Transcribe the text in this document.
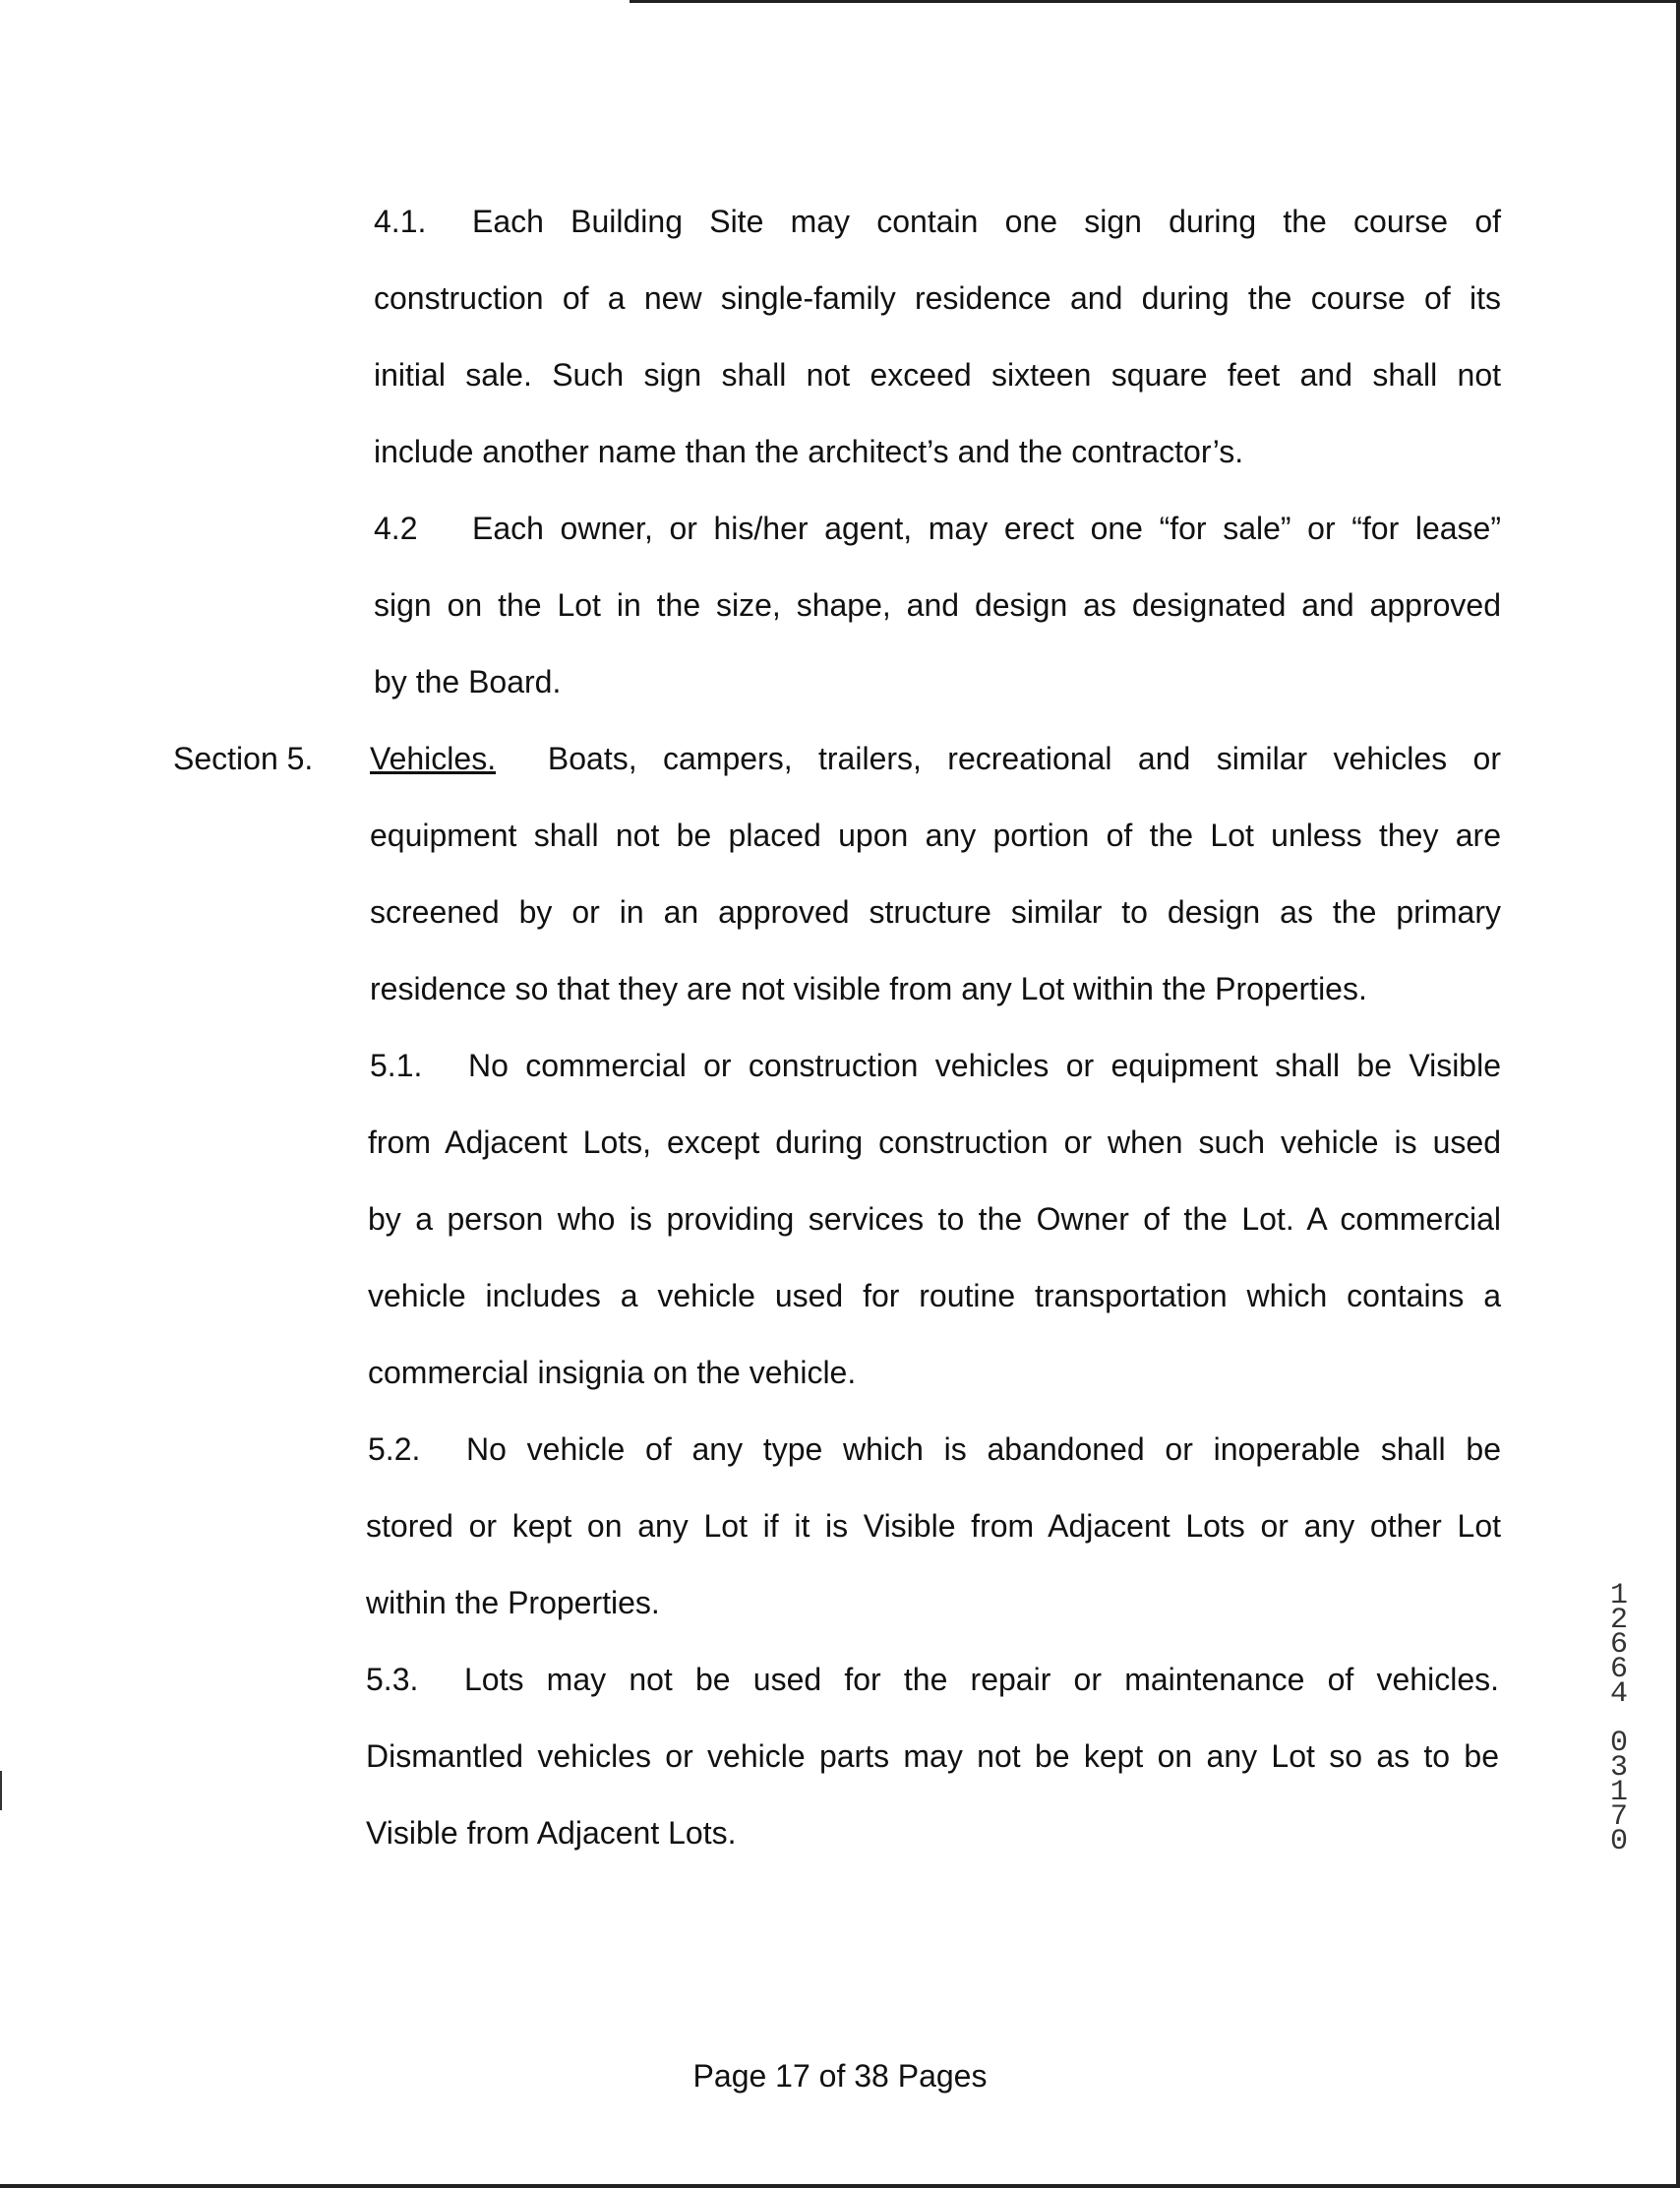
4.1. Each Building Site may contain one sign during the course of
construction of a new single-family residence and during the course of its
initial sale. Such sign shall not exceed sixteen square feet and shall not
include another name than the architect’s and the contractor’s.
4.2 Each owner, or his/her agent, may erect one “for sale” or “for lease”
sign on the Lot in the size, shape, and design as designated and approved
by the Board.
Section 5. Vehicles. Boats, campers, trailers, recreational and similar vehicles or
equipment shall not be placed upon any portion of the Lot unless they are
screened by or in an approved structure similar to design as the primary
residence so that they are not visible from any Lot within the Properties.
5.1. No commercial or construction vehicles or equipment shall be Visible
from Adjacent Lots, except during construction or when such vehicle is used
by a person who is providing services to the Owner of the Lot. A commercial
vehicle includes a vehicle used for routine transportation which contains a
commercial insignia on the vehicle.
5.2. No vehicle of any type which is abandoned or inoperable shall be
stored or kept on any Lot if it is Visible from Adjacent Lots or any other Lot
within the Properties.
5.3. Lots may not be used for the repair or maintenance of vehicles.
Dismantled vehicles or vehicle parts may not be kept on any Lot so as to be
Visible from Adjacent Lots.
1
2
6
6
4
0
3
1
7
0
Page 17 of 38 Pages
